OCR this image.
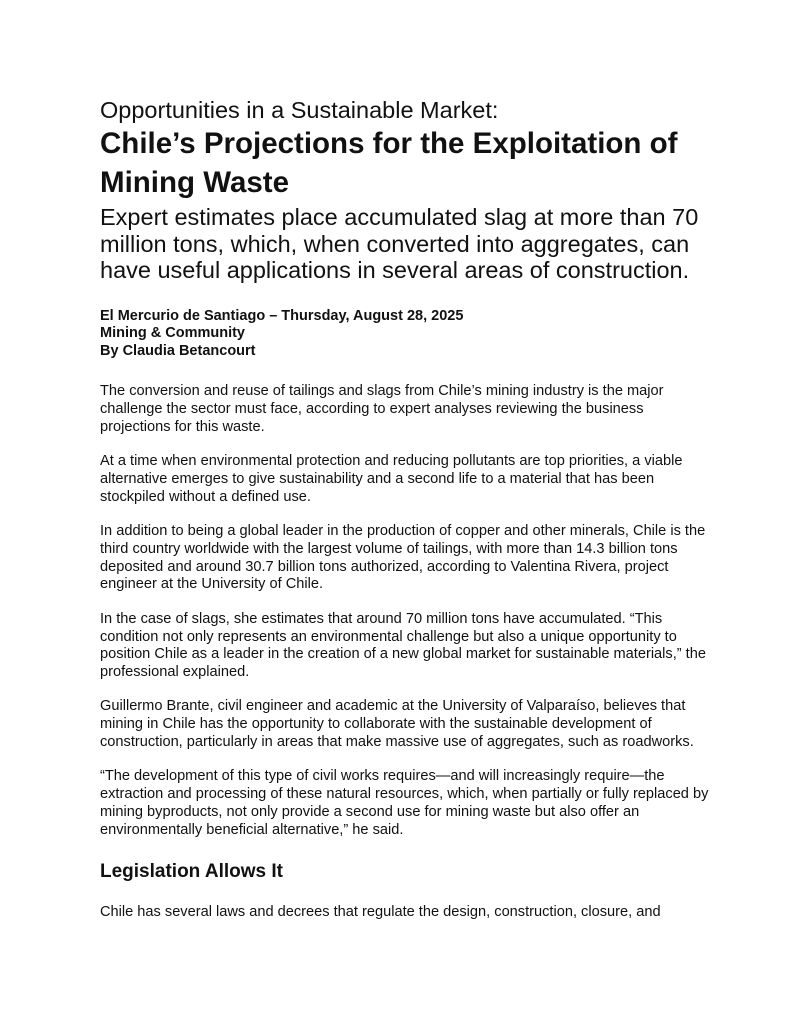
Opportunities in a Sustainable Market:
Chile’s Projections for the Exploitation of Mining Waste
Expert estimates place accumulated slag at more than 70 million tons, which, when converted into aggregates, can have useful applications in several areas of construction.
El Mercurio de Santiago – Thursday, August 28, 2025
Mining & Community
By Claudia Betancourt

The conversion and reuse of tailings and slags from Chile’s mining industry is the major challenge the sector must face, according to expert analyses reviewing the business projections for this waste.

At a time when environmental protection and reducing pollutants are top priorities, a viable alternative emerges to give sustainability and a second life to a material that has been stockpiled without a defined use.

In addition to being a global leader in the production of copper and other minerals, Chile is the third country worldwide with the largest volume of tailings, with more than 14.3 billion tons deposited and around 30.7 billion tons authorized, according to Valentina Rivera, project engineer at the University of Chile.

In the case of slags, she estimates that around 70 million tons have accumulated. “This condition not only represents an environmental challenge but also a unique opportunity to position Chile as a leader in the creation of a new global market for sustainable materials,” the professional explained.

Guillermo Brante, civil engineer and academic at the University of Valparaíso, believes that mining in Chile has the opportunity to collaborate with the sustainable development of construction, particularly in areas that make massive use of aggregates, such as roadworks.

“The development of this type of civil works requires—and will increasingly require—the extraction and processing of these natural resources, which, when partially or fully replaced by mining byproducts, not only provide a second use for mining waste but also offer an environmentally beneficial alternative,” he said.

Legislation Allows It

Chile has several laws and decrees that regulate the design, construction, closure, and
